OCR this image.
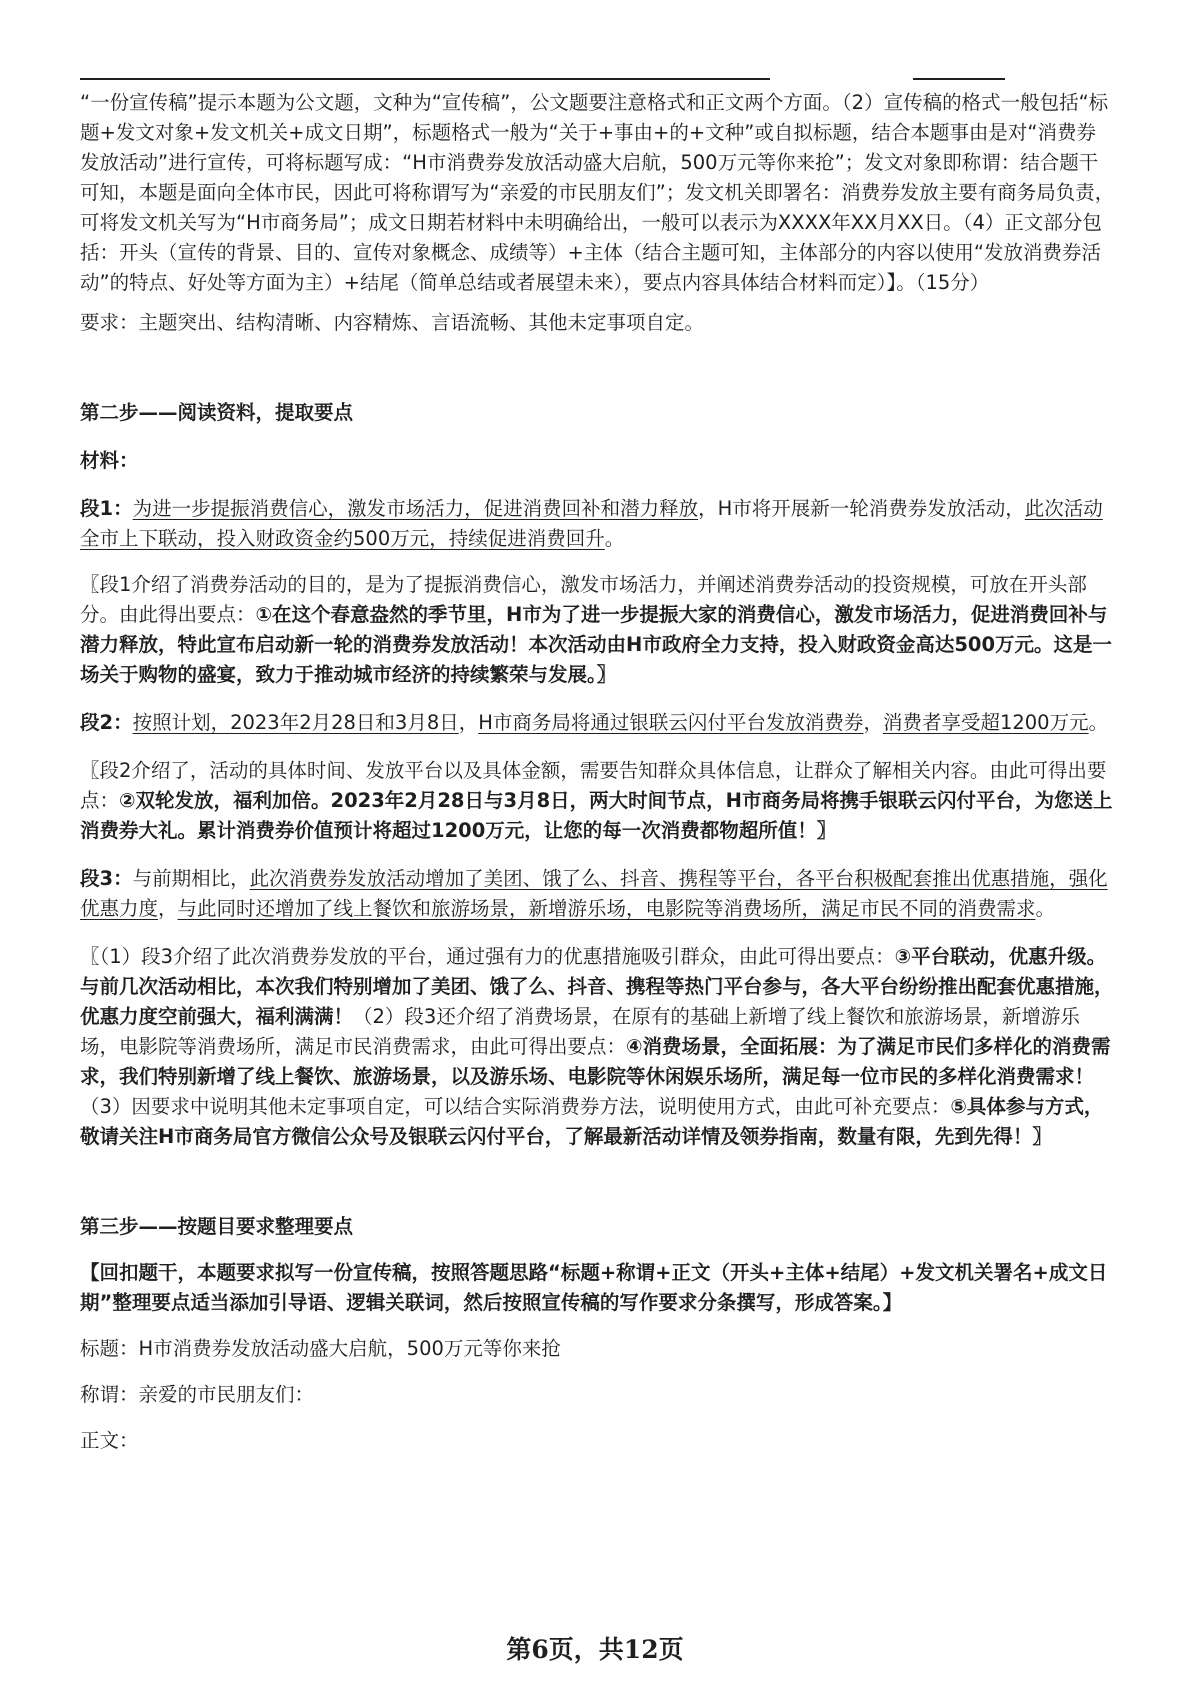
“一份宣传稿”提示本题为公文题，文种为“宣传稿”，公文题要注意格式和正文两个方面。（2）宣传稿的格式一般包括“标题+发文对象+发文机关+成文日期”，标题格式一般为“关于+事由+的+文种”或自拟标题，结合本题事由是对“消费券发放活动”进行宣传，可将标题写成：“H市消费券发放活动盛大启航，500万元等你来抢”；发文对象即称谓：结合题干可知，本题是面向全体市民，因此可将称谓写为“亲爱的市民朋友们”；发文机关即署名：消费券发放主要有商务局负责，可将发文机关写为“H市商务局”；成文日期若材料中未明确给出，一般可以表示为XXXX年XX月XX日。（4）正文部分包括：开头（宣传的背景、目的、宣传对象概念、成绩等）+主体（结合主题可知，主体部分的内容以使用“发放消费券活动”的特点、好处等方面为主）+结尾（简单总结或者展望未来），要点内容具体结合材料而定）】。（15分）

要求：主题突出、结构清晰、内容精炼、言语流畅、其他未定事项自定。

第二步——阅读资料，提取要点

材料：

段1：为进一步提振消费信心，激发市场活力，促进消费回补和潜力释放，H市将开展新一轮消费券发放活动，此次活动全市上下联动，投入财政资金约500万元，持续促进消费回升。

〖段1介绍了消费券活动的目的，是为了提振消费信心，激发市场活力，并阐述消费券活动的投资规模，可放在开头部分。由此得出要点：①在这个春意盎然的季节里，H市为了进一步提振大家的消费信心，激发市场活力，促进消费回补与潜力释放，特此宣布启动新一轮的消费券发放活动！本次活动由H市政府全力支持，投入财政资金高达500万元。这是一场关于购物的盛宴，致力于推动城市经济的持续繁荣与发展。〗

段2：按照计划，2023年2月28日和3月8日，H市商务局将通过银联云闪付平台发放消费券，消费者享受超1200万元。

〖段2介绍了，活动的具体时间、发放平台以及具体金额，需要告知群众具体信息，让群众了解相关内容。由此可得出要点：②双轮发放，福利加倍。2023年2月28日与3月8日，两大时间节点，H市商务局将携手银联云闪付平台，为您送上消费券大礼。累计消费券价值预计将超过1200万元，让您的每一次消费都物超所值！〗

段3：与前期相比，此次消费券发放活动增加了美团、饿了么、抖音、携程等平台，各平台积极配套推出优惠措施，强化优惠力度，与此同时还增加了线上餐饮和旅游场景，新增游乐场，电影院等消费场所，满足市民不同的消费需求。

〖（1）段3介绍了此次消费券发放的平台，通过强有力的优惠措施吸引群众，由此可得出要点：③平台联动，优惠升级。与前几次活动相比，本次我们特别增加了美团、饿了么、抖音、携程等热门平台参与，各大平台纷纷推出配套优惠措施，优惠力度空前强大，福利满满！（2）段3还介绍了消费场景，在原有的基础上新增了线上餐饮和旅游场景，新增游乐场，电影院等消费场所，满足市民消费需求，由此可得出要点：④消费场景，全面拓展：为了满足市民们多样化的消费需求，我们特别新增了线上餐饮、旅游场景，以及游乐场、电影院等休闲娱乐场所，满足每一位市民的多样化消费需求！（3）因要求中说明其他未定事项自定，可以结合实际消费券方法，说明使用方式，由此可补充要点：⑤具体参与方式，敬请关注H市商务局官方微信公众号及银联云闪付平台，了解最新活动详情及领券指南，数量有限，先到先得！〗

第三步——按题目要求整理要点

【回扣题干，本题要求拟写一份宣传稿，按照答题思路“标题+称谓+正文（开头+主体+结尾）+发文机关署名+成文日期”整理要点适当添加引导语、逻辑关联词，然后按照宣传稿的写作要求分条撰写，形成答案。】

标题：H市消费券发放活动盛大启航，500万元等你来抢

称谓：亲爱的市民朋友们：

正文：

第6页，共12页
